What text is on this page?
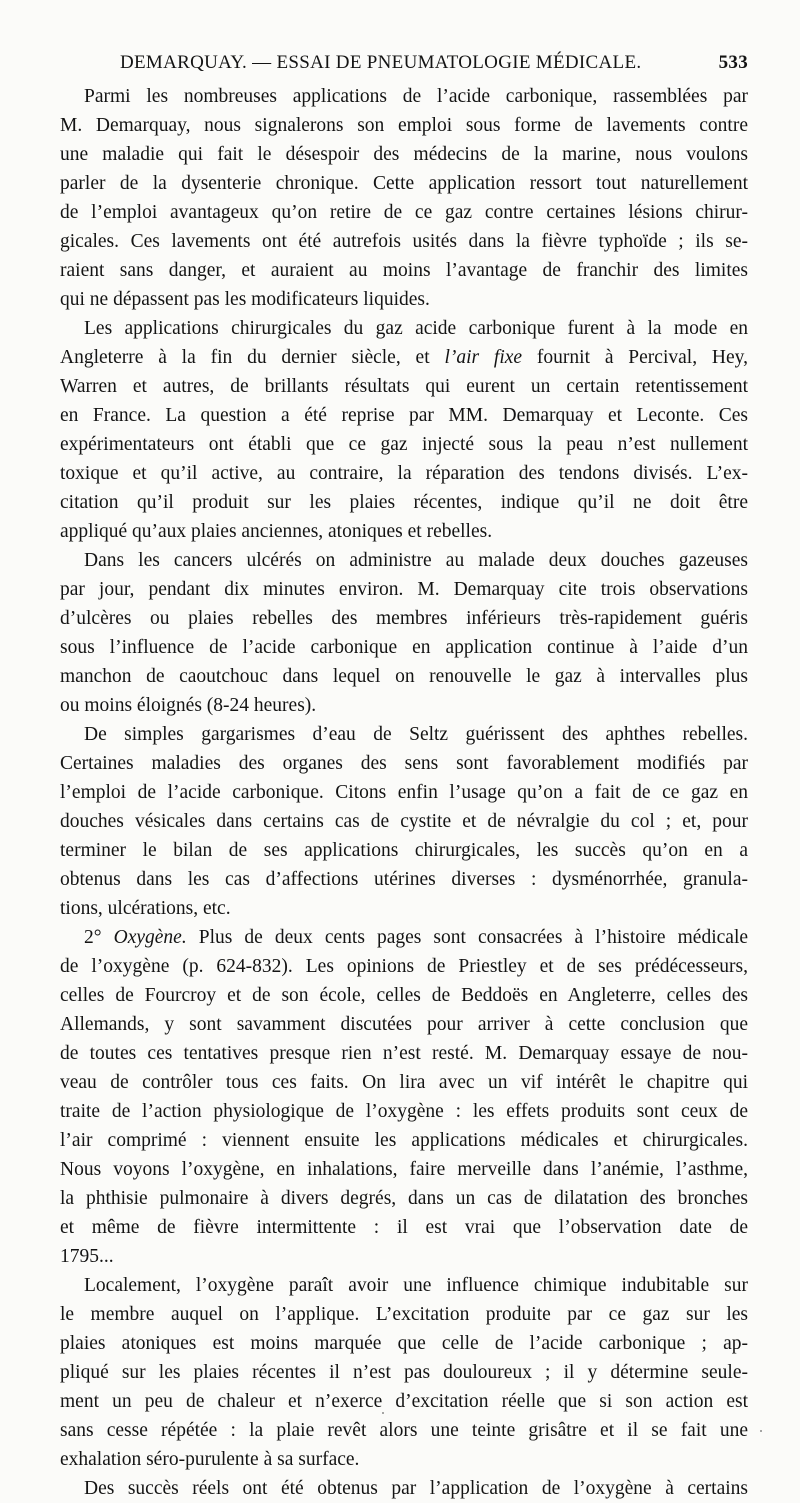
DEMARQUAY. — ESSAI DE PNEUMATOLOGIE MÉDICALE.	533

Parmi les nombreuses applications de l’acide carbonique, rassemblées par
M. Demarquay, nous signalerons son emploi sous forme de lavements contre
une maladie qui fait le désespoir des médecins de la marine, nous voulons
parler de la dysenterie chronique. Cette application ressort tout naturellement
de l’emploi avantageux qu’on retire de ce gaz contre certaines lésions chirur-
gicales. Ces lavements ont été autrefois usités dans la fièvre typhoïde ; ils se-
raient sans danger, et auraient au moins l’avantage de franchir des limites
qui ne dépassent pas les modificateurs liquides.

Les applications chirurgicales du gaz acide carbonique furent à la mode en
Angleterre à la fin du dernier siècle, et l’air fixe fournit à Percival, Hey,
Warren et autres, de brillants résultats qui eurent un certain retentissement
en France. La question a été reprise par MM. Demarquay et Leconte. Ces
expérimentateurs ont établi que ce gaz injecté sous la peau n’est nullement
toxique et qu’il active, au contraire, la réparation des tendons divisés. L’ex-
citation qu’il produit sur les plaies récentes, indique qu’il ne doit être
appliqué qu’aux plaies anciennes, atoniques et rebelles.

Dans les cancers ulcérés on administre au malade deux douches gazeuses
par jour, pendant dix minutes environ. M. Demarquay cite trois observations
d’ulcères ou plaies rebelles des membres inférieurs très-rapidement guéris
sous l’influence de l’acide carbonique en application continue à l’aide d’un
manchon de caoutchouc dans lequel on renouvelle le gaz à intervalles plus
ou moins éloignés (8-24 heures).

De simples gargarismes d’eau de Seltz guérissent des aphthes rebelles.
Certaines maladies des organes des sens sont favorablement modifiés par
l’emploi de l’acide carbonique. Citons enfin l’usage qu’on a fait de ce gaz en
douches vésicales dans certains cas de cystite et de névralgie du col ; et, pour
terminer le bilan de ses applications chirurgicales, les succès qu’on en a
obtenus dans les cas d’affections utérines diverses : dysménorrhée, granula-
tions, ulcérations, etc.

2° Oxygène. Plus de deux cents pages sont consacrées à l’histoire médicale
de l’oxygène (p. 624-832). Les opinions de Priestley et de ses prédécesseurs,
celles de Fourcroy et de son école, celles de Beddoës en Angleterre, celles des
Allemands, y sont savamment discutées pour arriver à cette conclusion que
de toutes ces tentatives presque rien n’est resté. M. Demarquay essaye de nou-
veau de contrôler tous ces faits. On lira avec un vif intérêt le chapitre qui
traite de l’action physiologique de l’oxygène : les effets produits sont ceux de
l’air comprimé : viennent ensuite les applications médicales et chirurgicales.
Nous voyons l’oxygène, en inhalations, faire merveille dans l’anémie, l’asthme,
la phthisie pulmonaire à divers degrés, dans un cas de dilatation des bronches
et même de fièvre intermittente : il est vrai que l’observation date de
1795...

Localement, l’oxygène paraît avoir une influence chimique indubitable sur
le membre auquel on l’applique. L’excitation produite par ce gaz sur les
plaies atoniques est moins marquée que celle de l’acide carbonique ; ap-
pliqué sur les plaies récentes il n’est pas douloureux ; il y détermine seule-
ment un peu de chaleur et n’exerce d’excitation réelle que si son action est
sans cesse répétée : la plaie revêt alors une teinte grisâtre et il se fait une
exhalation séro-purulente à sa surface.

Des succès réels ont été obtenus par l’application de l’oxygène à certains
